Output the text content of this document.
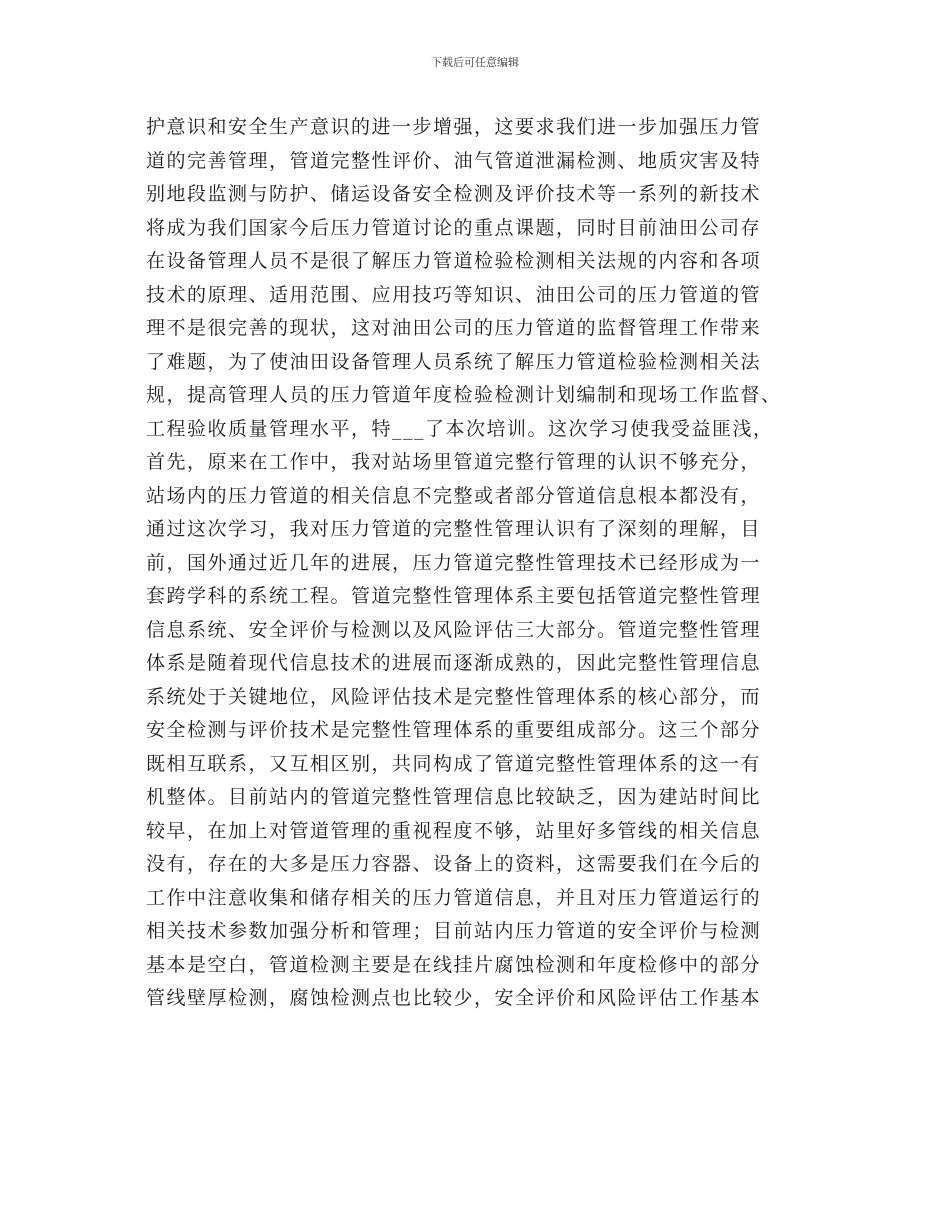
下载后可任意编辑
护意识和安全生产意识的进一步增强，这要求我们进一步加强压力管
道的完善管理，管道完整性评价、油气管道泄漏检测、地质灾害及特
别地段监测与防护、储运设备安全检测及评价技术等一系列的新技术
将成为我们国家今后压力管道讨论的重点课题，同时目前油田公司存
在设备管理人员不是很了解压力管道检验检测相关法规的内容和各项
技术的原理、适用范围、应用技巧等知识、油田公司的压力管道的管
理不是很完善的现状，这对油田公司的压力管道的监督管理工作带来
了难题，为了使油田设备管理人员系统了解压力管道检验检测相关法
规，提高管理人员的压力管道年度检验检测计划编制和现场工作监督、
工程验收质量管理水平，特___了本次培训。这次学习使我受益匪浅，
首先，原来在工作中，我对站场里管道完整行管理的认识不够充分，
站场内的压力管道的相关信息不完整或者部分管道信息根本都没有，
通过这次学习，我对压力管道的完整性管理认识有了深刻的理解，目
前，国外通过近几年的进展，压力管道完整性管理技术已经形成为一
套跨学科的系统工程。管道完整性管理体系主要包括管道完整性管理
信息系统、安全评价与检测以及风险评估三大部分。管道完整性管理
体系是随着现代信息技术的进展而逐渐成熟的，因此完整性管理信息
系统处于关键地位，风险评估技术是完整性管理体系的核心部分，而
安全检测与评价技术是完整性管理体系的重要组成部分。这三个部分
既相互联系，又互相区别，共同构成了管道完整性管理体系的这一有
机整体。目前站内的管道完整性管理信息比较缺乏，因为建站时间比
较早，在加上对管道管理的重视程度不够，站里好多管线的相关信息
没有，存在的大多是压力容器、设备上的资料，这需要我们在今后的
工作中注意收集和储存相关的压力管道信息，并且对压力管道运行的
相关技术参数加强分析和管理；目前站内压力管道的安全评价与检测
基本是空白，管道检测主要是在线挂片腐蚀检测和年度检修中的部分
管线壁厚检测，腐蚀检测点也比较少，安全评价和风险评估工作基本
